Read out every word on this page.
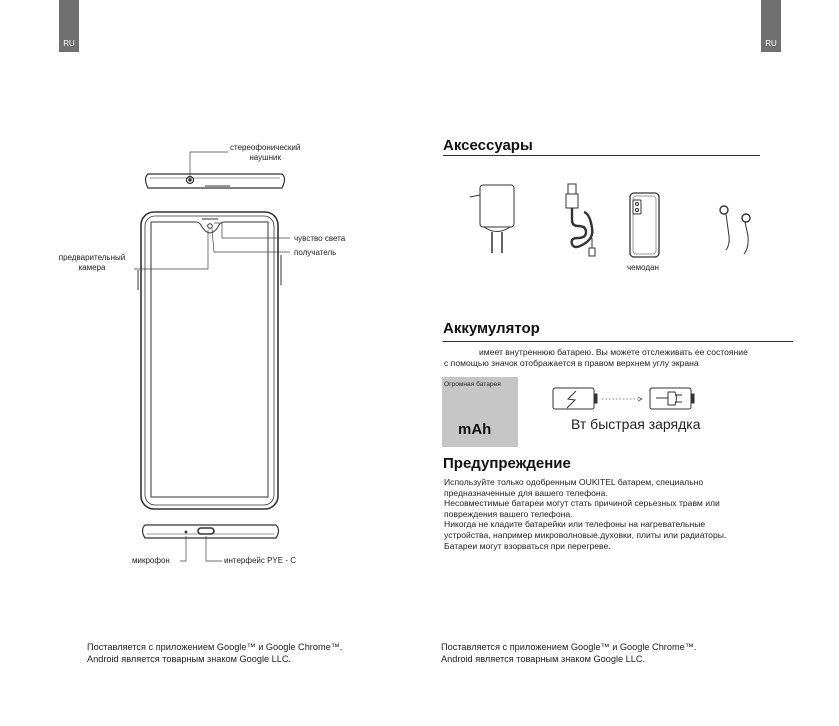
RU	RU
стереофонический
наушник
чувство света
получатель
предварительный
камера
микрофон	интерфейс PYE - C
Аксессуары
чемодан
Аккумулятор
имеет внутреннюю батарею. Вы можете отслеживать ее состояние
с помощью значок отображается в правом верхнем углу экрана
Огромная батарея
mAh	Вт быстрая зарядка
Предупреждение
Используйте только одобренным OUKITEL батарем, специально
предназначенные для вашего телефона.
Несовместимые батареи могут стать причиной серьезных травм или
повреждения вашего телефона.
Никогда не кладите батарейки или телефоны на нагревательные
устройства, например микроволновые.духовки, плиты или радиаторы.
Батареи могут взорваться при перегреве.
Поставляется с приложением Google™ и Google Chrome™.
Android является товарным знаком Google LLC.
Поставляется с приложением Google™ и Google Chrome™.
Android является товарным знаком Google LLC.
